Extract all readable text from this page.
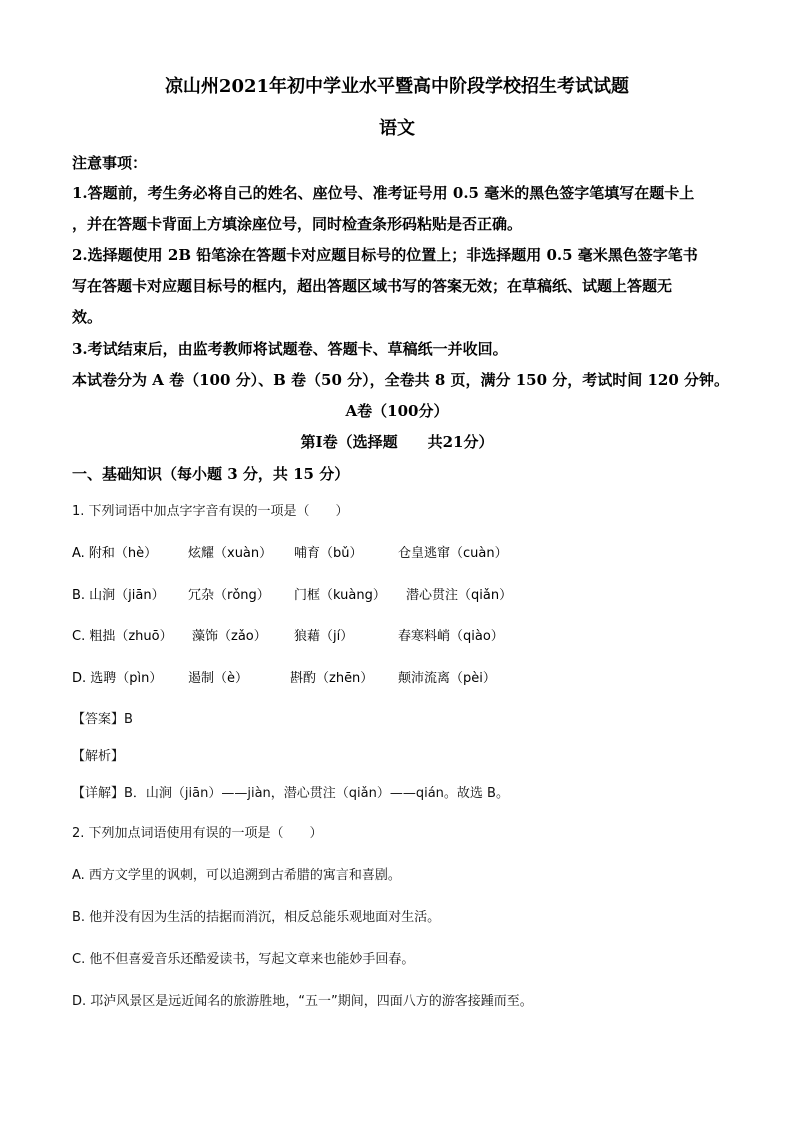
凉山州2021年初中学业水平暨高中阶段学校招生考试试题
语文
注意事项：
1.答题前，考生务必将自己的姓名、座位号、准考证号用 0.5 毫米的黑色签字笔填写在题卡上
，并在答题卡背面上方填涂座位号，同时检查条形码粘贴是否正确。
2.选择题使用 2B 铅笔涂在答题卡对应题目标号的位置上；非选择题用 0.5 毫米黑色签字笔书
写在答题卡对应题目标号的框内，超出答题区域书写的答案无效；在草稿纸、试题上答题无
效。
3.考试结束后，由监考教师将试题卷、答题卡、草稿纸一并收回。
本试卷分为 A 卷（100 分）、B 卷（50 分），全卷共 8 页，满分 150 分，考试时间 120 分钟。
A卷（100分）
第Ⅰ卷（选择题　　共21分）
一、基础知识（每小题 3 分，共 15 分）
1. 下列词语中加点字字音有误的一项是（　　）
A. 附和（hè） 炫耀（xuàn） 哺育（bǔ）	仓皇逃窜（cuàn）
B. 山涧（jiān） 冗杂（rǒng） 门框（kuàng） 潜心贯注（qiǎn）
C. 粗拙（zhuō） 藻饰（zǎo） 狼藉（jí）	春寒料峭（qiào）
D. 选聘（pìn） 遏制（è）	斟酌（zhēn） 颠沛流离（pèi）
【答案】B
【解析】
【详解】B．山涧（jiān）——jiàn，潜心贯注（qiǎn）——qián。故选 B。
2. 下列加点词语使用有误的一项是（　　）
A. 西方文学里的讽刺，可以追溯到古希腊的寓言和喜剧。
B. 他并没有因为生活的拮据而消沉，相反总能乐观地面对生活。
C. 他不但喜爱音乐还酷爱读书，写起文章来也能妙手回春。
D. 邛泸风景区是远近闻名的旅游胜地，“五一”期间，四面八方的游客接踵而至。
